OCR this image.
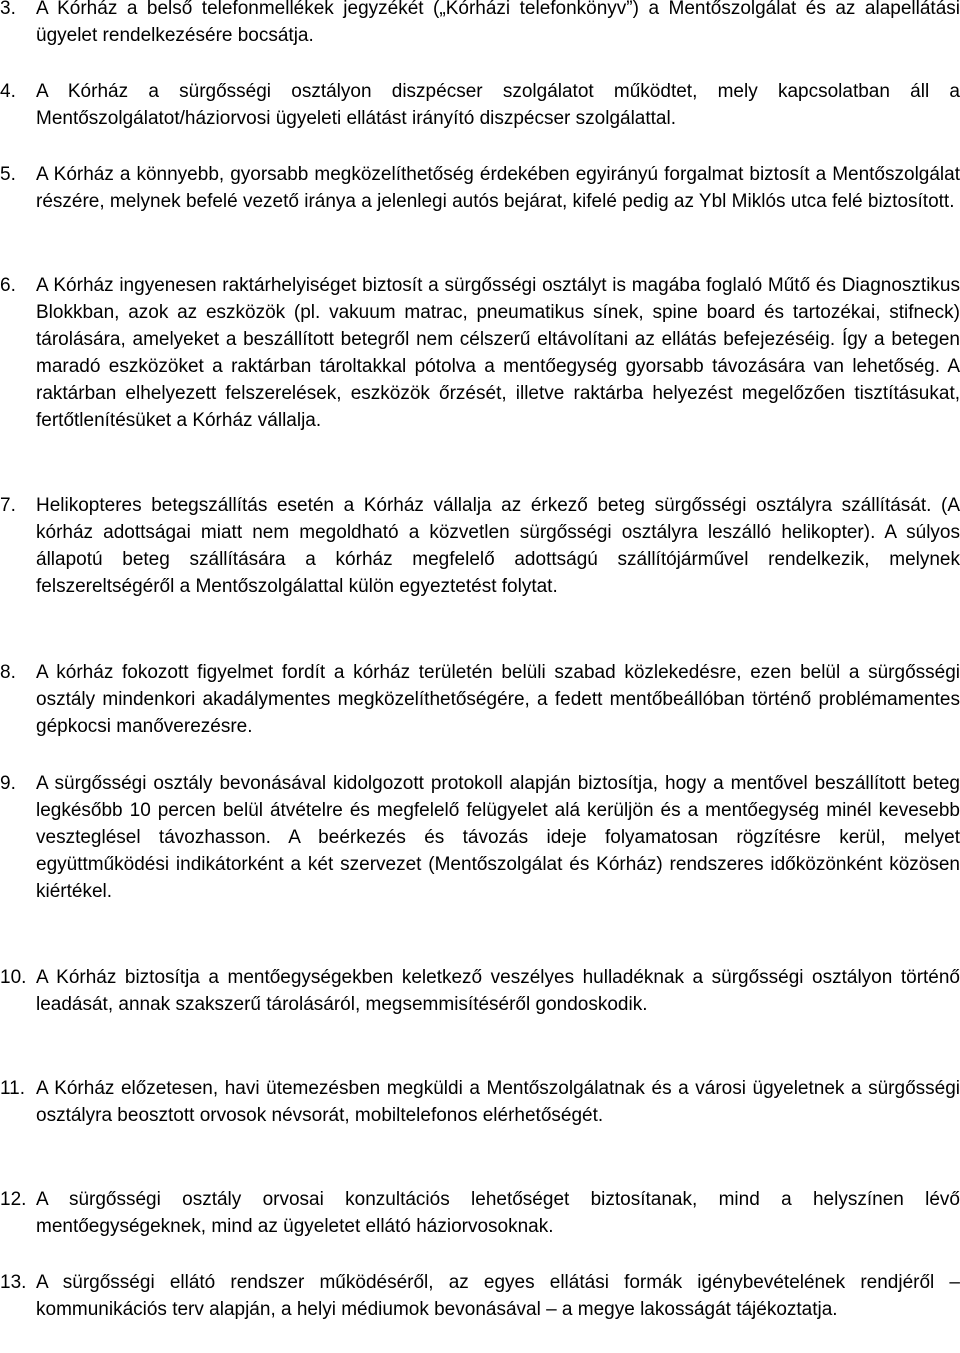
3.	A Kórház a belső telefonmellékek jegyzékét („Kórházi telefonkönyv”) a Mentőszolgálat és az alapellátási ügyelet rendelkezésére bocsátja.
4.	A Kórház a sürgősségi osztályon diszpécser szolgálatot működtet, mely kapcsolatban áll a Mentőszolgálatot/háziorvosi ügyeleti ellátást irányító diszpécser szolgálattal.
5.	A Kórház a könnyebb, gyorsabb megközelíthetőség érdekében egyirányú forgalmat biztosít a Mentőszolgálat részére, melynek befelé vezető iránya a jelenlegi autós bejárat, kifelé pedig az Ybl Miklós utca felé biztosított.
6.	A Kórház ingyenesen raktárhelyiséget biztosít a sürgősségi osztályt is magába foglaló Műtő és Diagnosztikus Blokkban, azok az eszközök (pl. vakuum matrac, pneumatikus sínek, spine board és tartozékai, stifneck) tárolására, amelyeket a beszállított betegről nem célszerű eltávolítani az ellátás befejezéséig. Így a betegen maradó eszközöket a raktárban tároltakkal pótolva a mentőegység gyorsabb távozására van lehetőség. A raktárban elhelyezett felszerelések, eszközök őrzését, illetve raktárba helyezést megelőzően tisztításukat, fertőtlenítésüket a Kórház vállalja.
7.	Helikopteres betegszállítás esetén a Kórház vállalja az érkező beteg sürgősségi osztályra szállítását. (A kórház adottságai miatt nem megoldható a közvetlen sürgősségi osztályra leszálló helikopter). A súlyos állapotú beteg szállítására a kórház megfelelő adottságú szállítójárművel rendelkezik, melynek felszereltségéről a Mentőszolgálattal külön egyeztetést folytat.
8.	A kórház fokozott figyelmet fordít a kórház területén belüli szabad közlekedésre, ezen belül a sürgősségi osztály mindenkori akadálymentes megközelíthetőségére, a fedett mentőbeállóban történő problémamentes gépkocsi manőverezésre.
9.	A sürgősségi osztály bevonásával kidolgozott protokoll alapján biztosítja, hogy a mentővel beszállított beteg legkésőbb 10 percen belül átvételre és megfelelő felügyelet alá kerüljön és a mentőegység minél kevesebb veszteglésel távozhasson. A beérkezés és távozás ideje folyamatosan rögzítésre kerül, melyet együttműködési indikátorként a két szervezet (Mentőszolgálat és Kórház) rendszeres időközönként közösen kiértékel.
10. A Kórház biztosítja a mentőegységekben keletkező veszélyes hulladéknak a sürgősségi osztályon történő leadását, annak szakszerű tárolásáról, megsemmisítéséről gondoskodik.
11. A Kórház előzetesen, havi ütemezésben megküldi a Mentőszolgálatnak és a városi ügyeletnek a sürgősségi osztályra beosztott orvosok névsorát, mobiltelefonos elérhetőségét.
12. A sürgősségi osztály orvosai konzultációs lehetőséget biztosítanak, mind a helyszínen lévő mentőegységeknek, mind az ügyeletet ellátó háziorvosoknak.
13. A sürgősségi ellátó rendszer működéséről, az egyes ellátási formák igénybevételének rendjéről – kommunikációs terv alapján, a helyi médiumok bevonásával – a megye lakosságát tájékoztatja.
